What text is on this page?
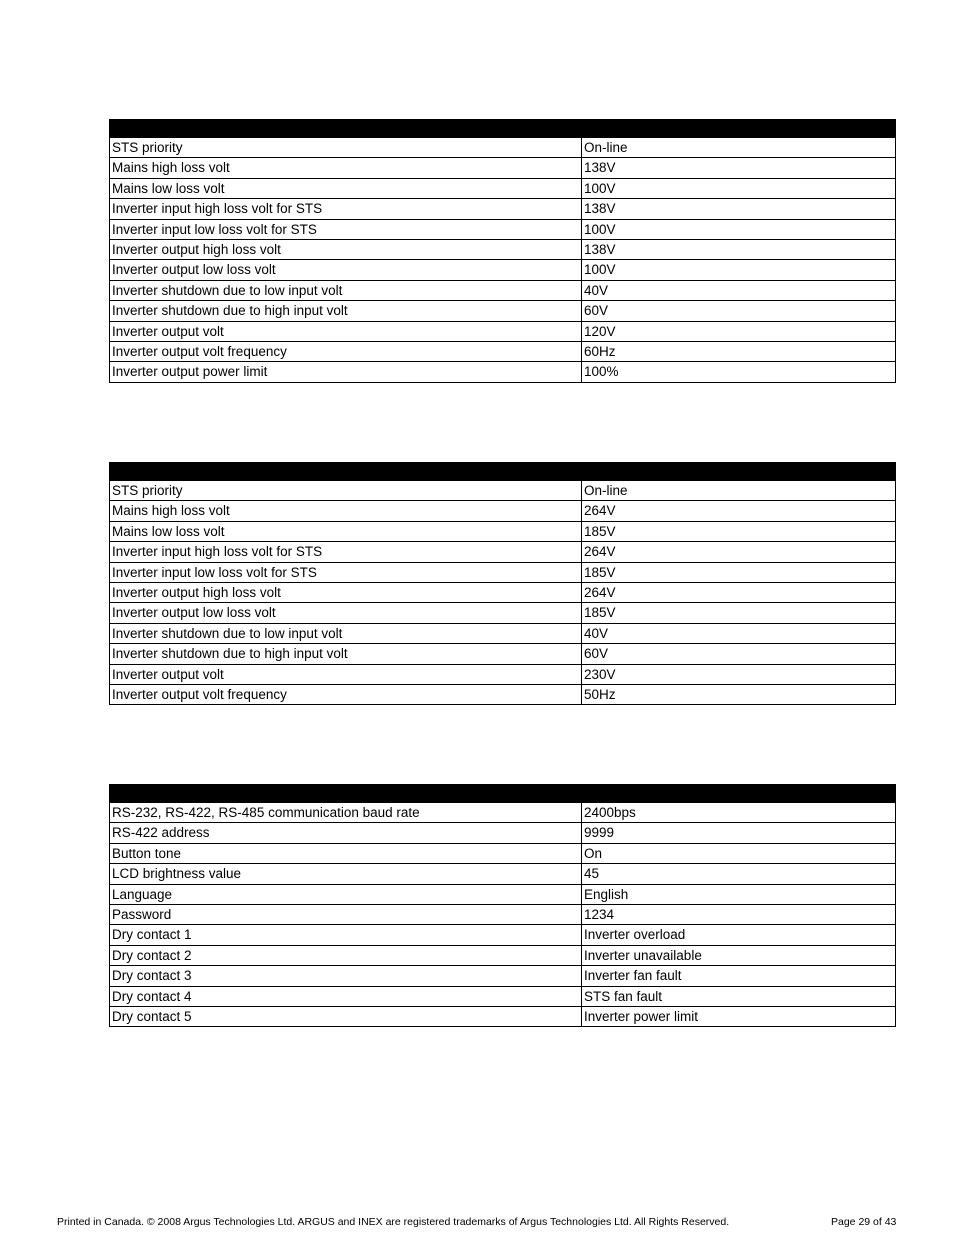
STS priority	On-line
Mains high loss volt	138V
Mains low loss volt	100V
Inverter input high loss volt for STS	138V
Inverter input low loss volt for STS	100V
Inverter output high loss volt	138V
Inverter output low loss volt	100V
Inverter shutdown due to low input volt	40V
Inverter shutdown due to high input volt	60V
Inverter output volt	120V
Inverter output volt frequency	60Hz
Inverter output power limit	100%

STS priority	On-line
Mains high loss volt	264V
Mains low loss volt	185V
Inverter input high loss volt for STS	264V
Inverter input low loss volt for STS	185V
Inverter output high loss volt	264V
Inverter output low loss volt	185V
Inverter shutdown due to low input volt	40V
Inverter shutdown due to high input volt	60V
Inverter output volt	230V
Inverter output volt frequency	50Hz

RS-232, RS-422, RS-485 communication baud rate	2400bps
RS-422 address	9999
Button tone	On
LCD brightness value	45
Language	English
Password	1234
Dry contact 1	Inverter overload
Dry contact 2	Inverter unavailable
Dry contact 3	Inverter fan fault
Dry contact 4	STS fan fault
Dry contact 5	Inverter power limit
Printed in Canada. © 2008 Argus Technologies Ltd. ARGUS and INEX are registered trademarks of Argus Technologies Ltd. All Rights Reserved.	Page 29 of 43
